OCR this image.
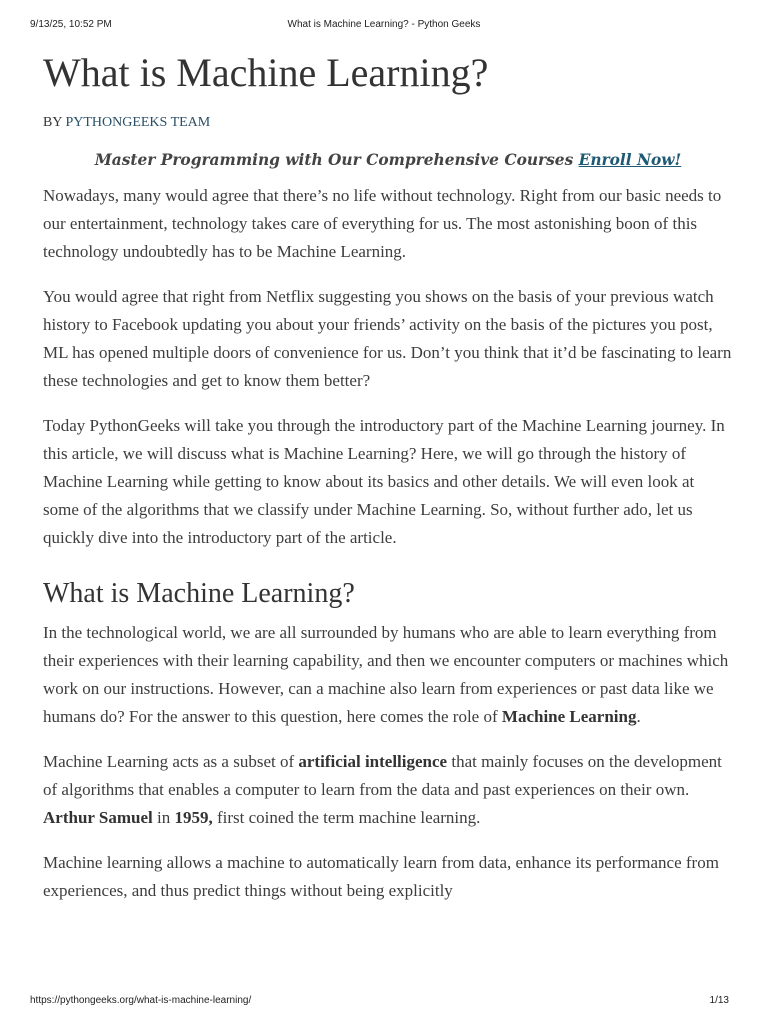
9/13/25, 10:52 PM	What is Machine Learning? - Python Geeks
What is Machine Learning?
BY PYTHONGEEKS TEAM
Master Programming with Our Comprehensive Courses Enroll Now!

Nowadays, many would agree that there’s no life without technology. Right from our basic needs to our entertainment, technology takes care of everything for us. The most astonishing boon of this technology undoubtedly has to be Machine Learning.

You would agree that right from Netflix suggesting you shows on the basis of your previous watch history to Facebook updating you about your friends’ activity on the basis of the pictures you post, ML has opened multiple doors of convenience for us. Don’t you think that it’d be fascinating to learn these technologies and get to know them better?

Today PythonGeeks will take you through the introductory part of the Machine Learning journey. In this article, we will discuss what is Machine Learning? Here, we will go through the history of Machine Learning while getting to know about its basics and other details. We will even look at some of the algorithms that we classify under Machine Learning. So, without further ado, let us quickly dive into the introductory part of the article.

What is Machine Learning?

In the technological world, we are all surrounded by humans who are able to learn everything from their experiences with their learning capability, and then we encounter computers or machines which work on our instructions. However, can a machine also learn from experiences or past data like we humans do? For the answer to this question, here comes the role of Machine Learning.

Machine Learning acts as a subset of artificial intelligence that mainly focuses on the development of algorithms that enables a computer to learn from the data and past experiences on their own. Arthur Samuel in 1959, first coined the term machine learning.

Machine learning allows a machine to automatically learn from data, enhance its performance from experiences, and thus predict things without being explicitly

https://pythongeeks.org/what-is-machine-learning/	1/13
